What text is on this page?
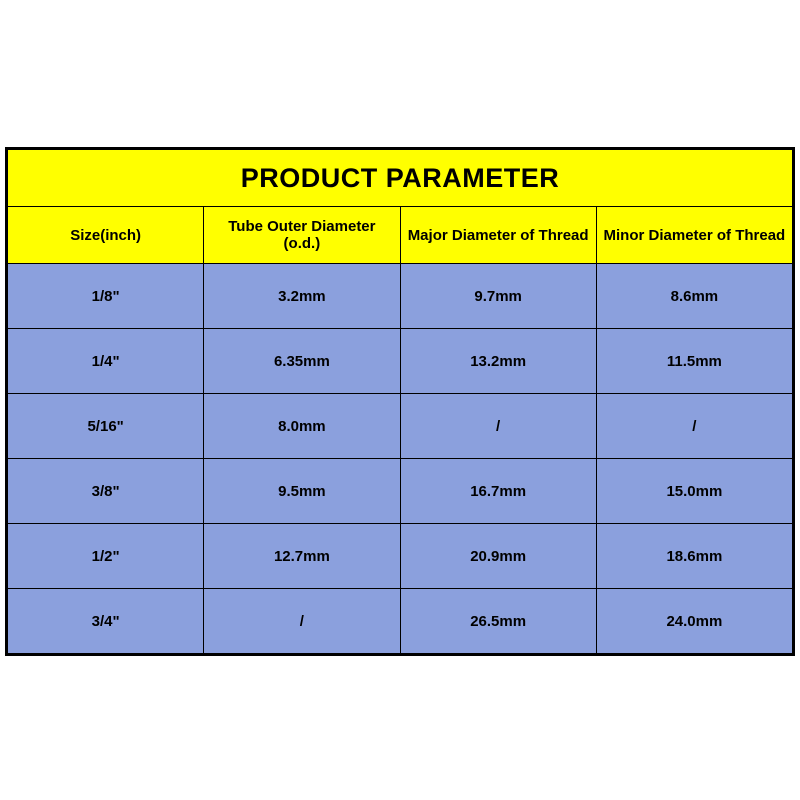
PRODUCT PARAMETER			
Size(inch)	Tube Outer Diameter (o.d.)	Major Diameter of Thread	Minor Diameter of Thread
1/8"	3.2mm	9.7mm	8.6mm
1/4"	6.35mm	13.2mm	11.5mm
5/16"	8.0mm	/	/
3/8"	9.5mm	16.7mm	15.0mm
1/2"	12.7mm	20.9mm	18.6mm
3/4"	/	26.5mm	24.0mm
